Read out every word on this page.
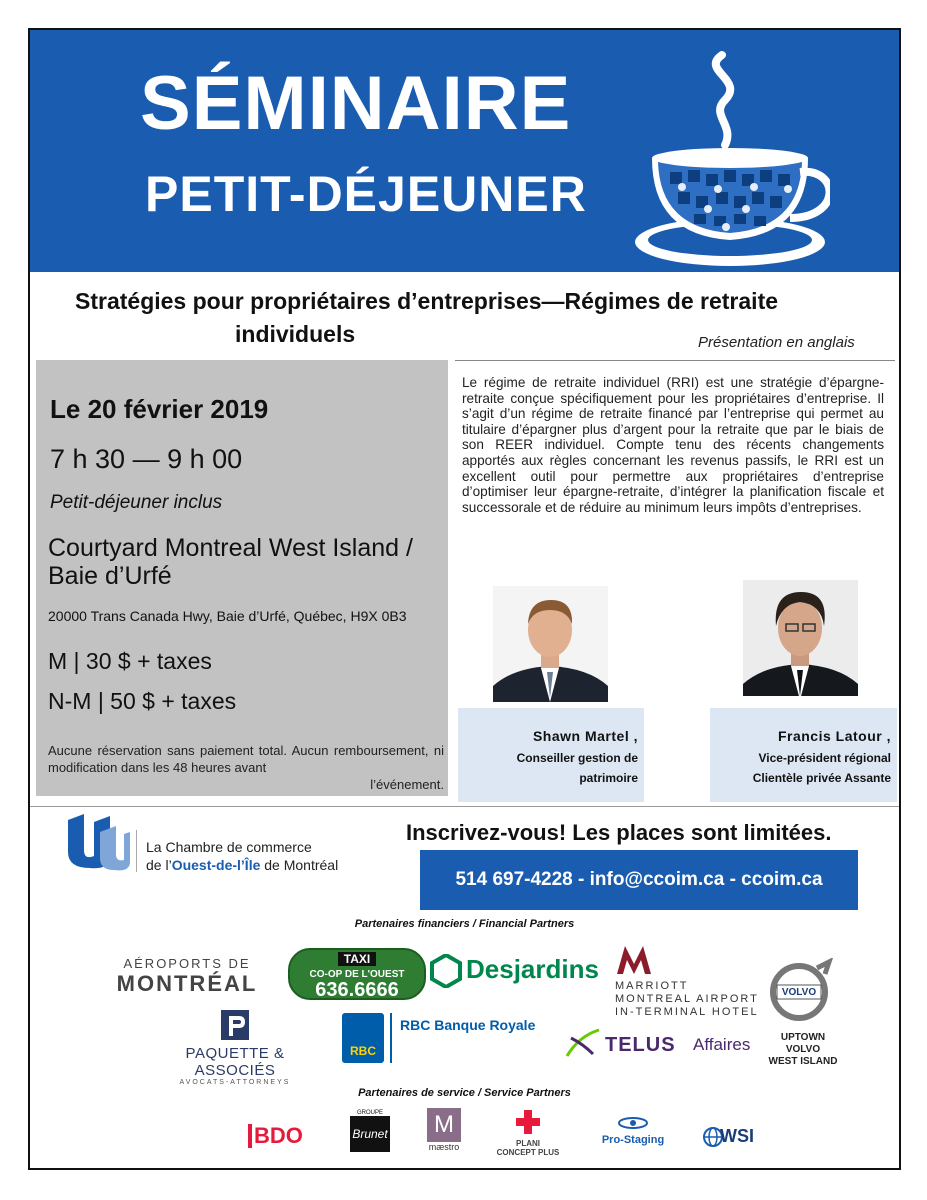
SÉMINAIRE
PETIT-DÉJEUNER
Stratégies pour propriétaires d’entreprises—Régimes de retraite
individuels	Présentation en anglais
Le 20 février 2019
7 h 30 — 9 h 00
Petit-déjeuner inclus
Courtyard Montreal West Island / Baie d’Urfé
20000 Trans Canada Hwy, Baie d’Urfé, Québec, H9X 0B3
M | 30 $ + taxes
N-M | 50 $ + taxes
Aucune réservation sans paiement total. Aucun remboursement, ni modification dans les 48 heures avant
l’événement.
Le régime de retraite individuel (RRI) est une stratégie d’épargne-retraite conçue spécifiquement pour les propriétaires d’entreprise. Il s’agit d’un régime de retraite financé par l’entreprise qui permet au titulaire d’épargner plus d’argent pour la retraite que par le biais de son REER individuel. Compte tenu des récents changements apportés aux règles concernant les revenus passifs, le RRI est un excellent outil pour permettre aux propriétaires d’entreprise d’optimiser leur épargne-retraite, d’intégrer la planification fiscale et successorale et de réduire au minimum leurs impôts d’entreprises.
Shawn Martel ,
Conseiller gestion de
patrimoire
Francis Latour ,
Vice-président régional
Clientèle privée Assante
La Chambre de commerce
de l’Ouest-de-l’Île de Montréal
Inscrivez-vous! Les places sont limitées.
514 697-4228 - info@ccoim.ca - ccoim.ca
Partenaires financiers / Financial Partners
AÉROPORTS DE
MONTRÉAL
TAXI
CO-OP DE L'OUEST
636.6666
Desjardins
MARRIOTT
MONTREAL AIRPORT
IN-TERMINAL HOTEL
VOLVO
PAQUETTE & ASSOCIÉS
AVOCATS-ATTORNEYS
RBC
RBC Banque Royale
TELUS Affaires	UPTOWN VOLVO
WEST ISLAND
Partenaires de service / Service Partners
BDO
GROUPE
Brunet M
mæstro	PLANI
CONCEPT PLUS
Pro-Staging	WSI
